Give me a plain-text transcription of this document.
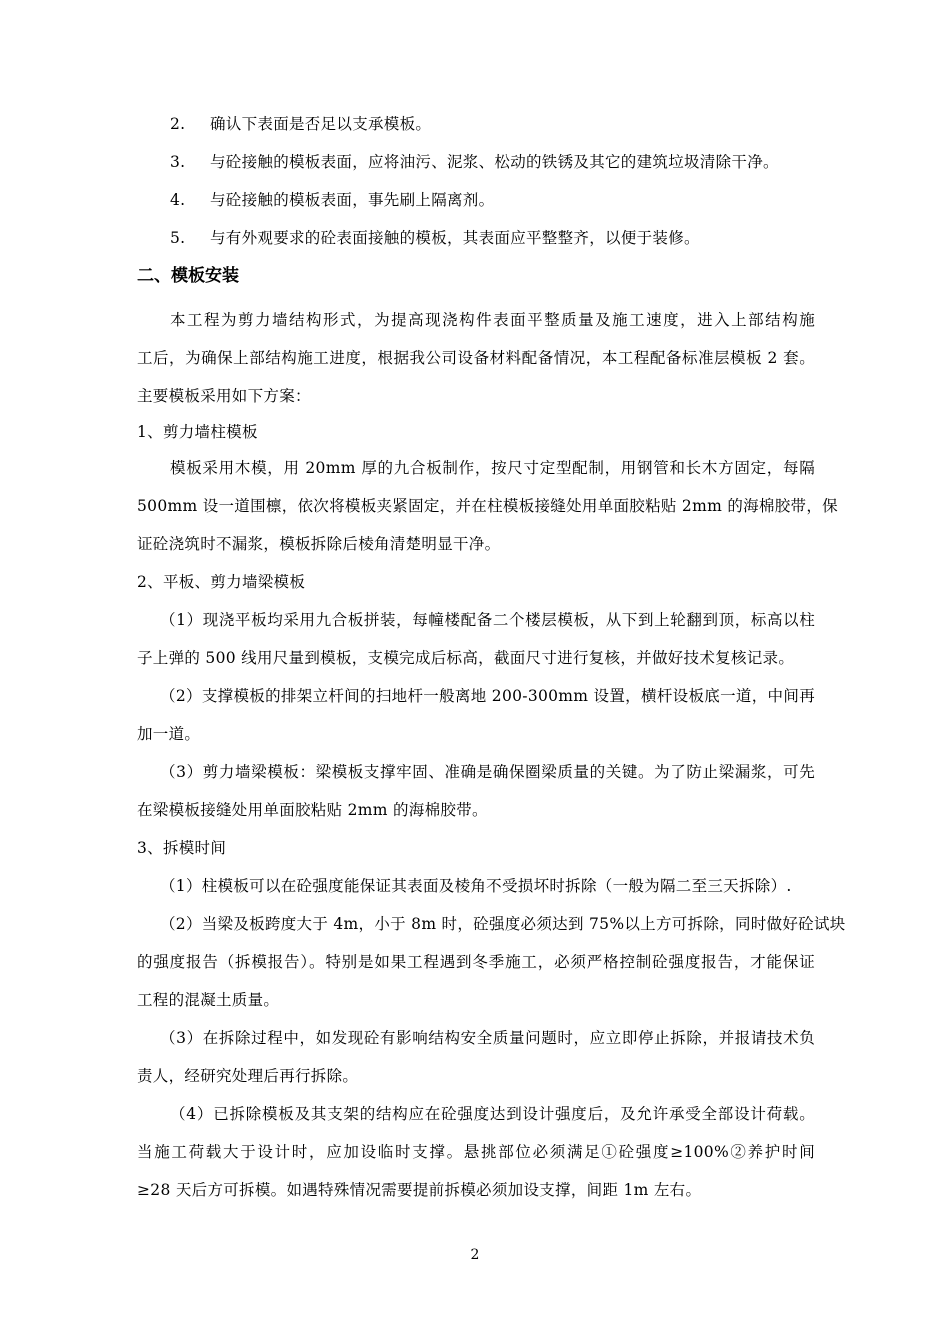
2. 确认下表面是否足以支承模板。
3. 与砼接触的模板表面，应将油污、泥浆、松动的铁锈及其它的建筑垃圾清除干净。
4. 与砼接触的模板表面，事先刷上隔离剂。
5. 与有外观要求的砼表面接触的模板，其表面应平整整齐，以便于装修。
二、模板安装
本工程为剪力墙结构形式，为提高现浇构件表面平整质量及施工速度，进入上部结构施
工后，为确保上部结构施工进度，根据我公司设备材料配备情况，本工程配备标准层模板 2 套。
主要模板采用如下方案：
1、剪力墙柱模板
模板采用木模，用 20mm 厚的九合板制作，按尺寸定型配制，用钢管和长木方固定，每隔
500mm 设一道围檩，依次将模板夹紧固定，并在柱模板接缝处用单面胶粘贴 2mm 的海棉胶带，保
证砼浇筑时不漏浆，模板拆除后棱角清楚明显干净。
2、平板、剪力墙梁模板
（1）现浇平板均采用九合板拼装，每幢楼配备二个楼层模板，从下到上轮翻到顶，标高以柱
子上弹的 500 线用尺量到模板，支模完成后标高，截面尺寸进行复核，并做好技术复核记录。
（2）支撑模板的排架立杆间的扫地杆一般离地 200-300mm 设置，横杆设板底一道，中间再
加一道。
（3）剪力墙梁模板：梁模板支撑牢固、准确是确保圈梁质量的关键。为了防止梁漏浆，可先
在梁模板接缝处用单面胶粘贴 2mm 的海棉胶带。
3、拆模时间
（1）柱模板可以在砼强度能保证其表面及棱角不受损坏时拆除（一般为隔二至三天拆除）.
（2）当梁及板跨度大于 4m，小于 8m 时，砼强度必须达到 75%以上方可拆除，同时做好砼试块
的强度报告（拆模报告）。特别是如果工程遇到冬季施工，必须严格控制砼强度报告，才能保证
工程的混凝土质量。
（3）在拆除过程中，如发现砼有影响结构安全质量问题时，应立即停止拆除，并报请技术负
责人，经研究处理后再行拆除。
（4）已拆除模板及其支架的结构应在砼强度达到设计强度后，及允许承受全部设计荷载。
当施工荷载大于设计时，应加设临时支撑。悬挑部位必须满足①砼强度≥100%②养护时间
≥28 天后方可拆模。如遇特殊情况需要提前拆模必须加设支撑，间距 1m 左右。
2
